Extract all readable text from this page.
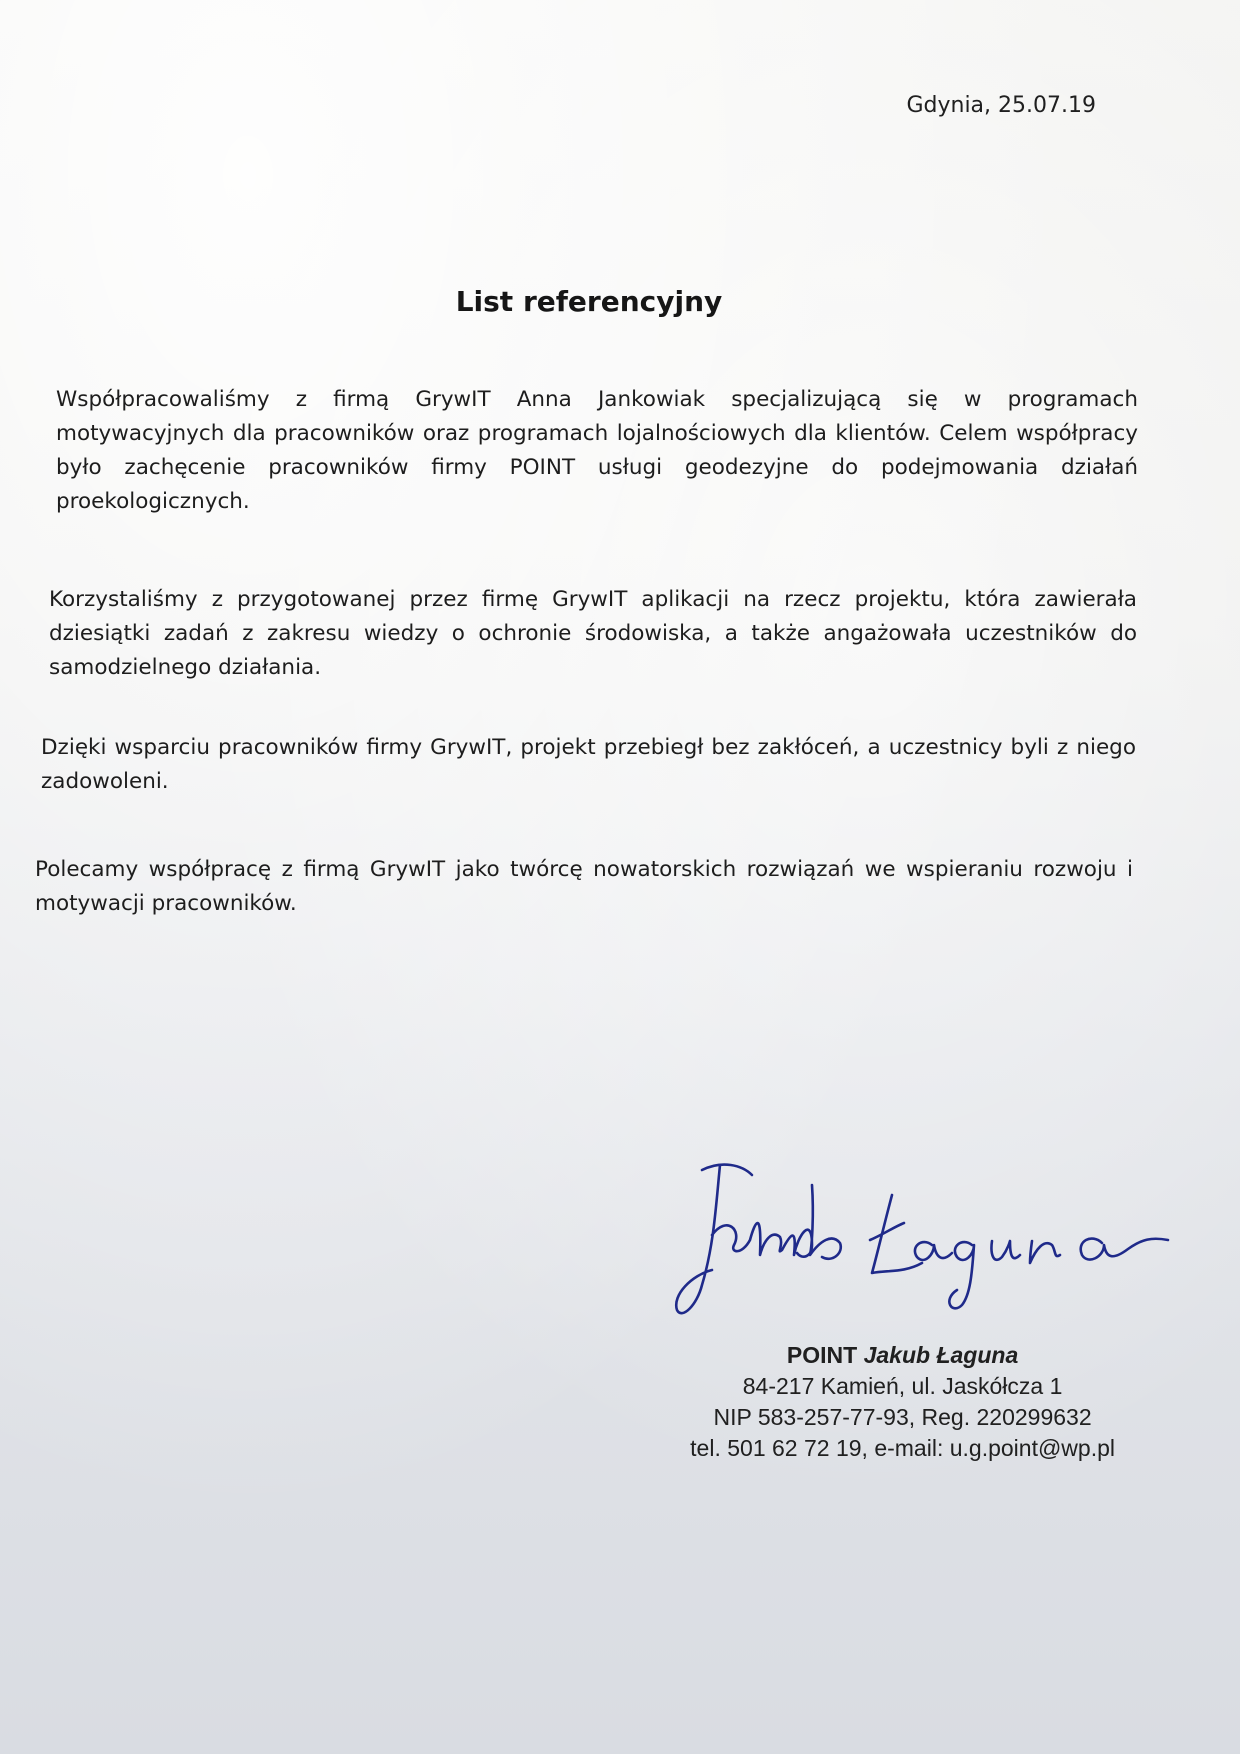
Gdynia, 25.07.19
List referencyjny

Współpracowaliśmy z firmą GrywIT Anna Jankowiak specjalizującą się w programach motywacyjnych dla pracowników oraz programach lojalnościowych dla klientów. Celem współpracy było zachęcenie pracowników firmy POINT usługi geodezyjne do podejmowania działań proekologicznych.

Korzystaliśmy z przygotowanej przez firmę GrywIT aplikacji na rzecz projektu, która zawierała dziesiątki zadań z zakresu wiedzy o ochronie środowiska, a także angażowała uczestników do samodzielnego działania.

Dzięki wsparciu pracowników firmy GrywIT, projekt przebiegł bez zakłóceń, a uczestnicy byli z niego zadowoleni.

Polecamy współpracę z firmą GrywIT jako twórcę nowatorskich rozwiązań we wspieraniu rozwoju i motywacji pracowników.

POINT Jakub Łaguna
84-217 Kamień, ul. Jaskółcza 1
NIP 583-257-77-93, Reg. 220299632
tel. 501 62 72 19, e-mail: u.g.point@wp.pl
